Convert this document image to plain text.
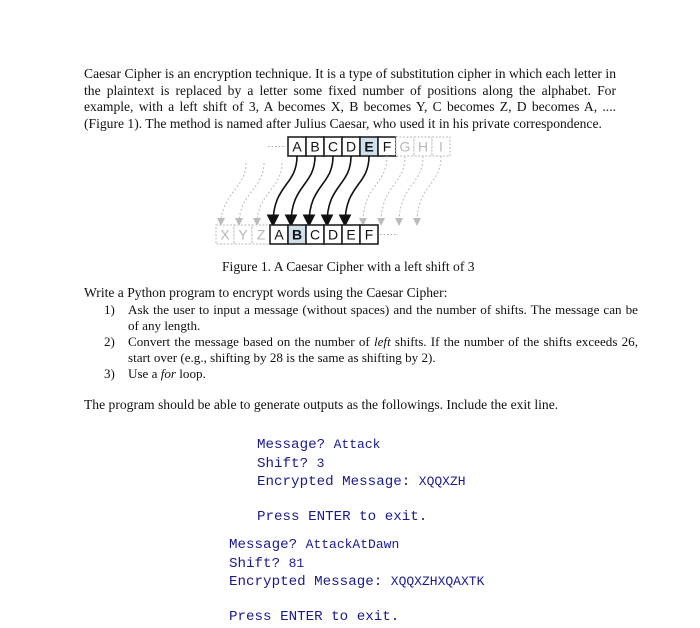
Caesar Cipher is an encryption technique. It is a type of substitution cipher in which each letter in the plaintext is replaced by a letter some fixed number of positions along the alphabet. For example, with a left shift of 3, A becomes X, B becomes Y, C becomes Z, D becomes A, .... (Figure 1). The method is named after Julius Caesar, who used it in his private correspondence.
A B C D E F G H I
X Y Z A B C D E F
Figure 1. A Caesar Cipher with a left shift of 3
Write a Python program to encrypt words using the Caesar Cipher:
1) Ask the user to input a message (without spaces) and the number of shifts. The message can be of any length.
2) Convert the message based on the number of left shifts. If the number of the shifts exceeds 26, start over (e.g., shifting by 28 is the same as shifting by 2).
3) Use a for loop.
The program should be able to generate outputs as the followings. Include the exit line.
Message? Attack
Shift? 3
Encrypted Message: XQQXZH

Press ENTER to exit.
Message? AttackAtDawn
Shift? 81
Encrypted Message: XQQXZHXQAXTK

Press ENTER to exit.
